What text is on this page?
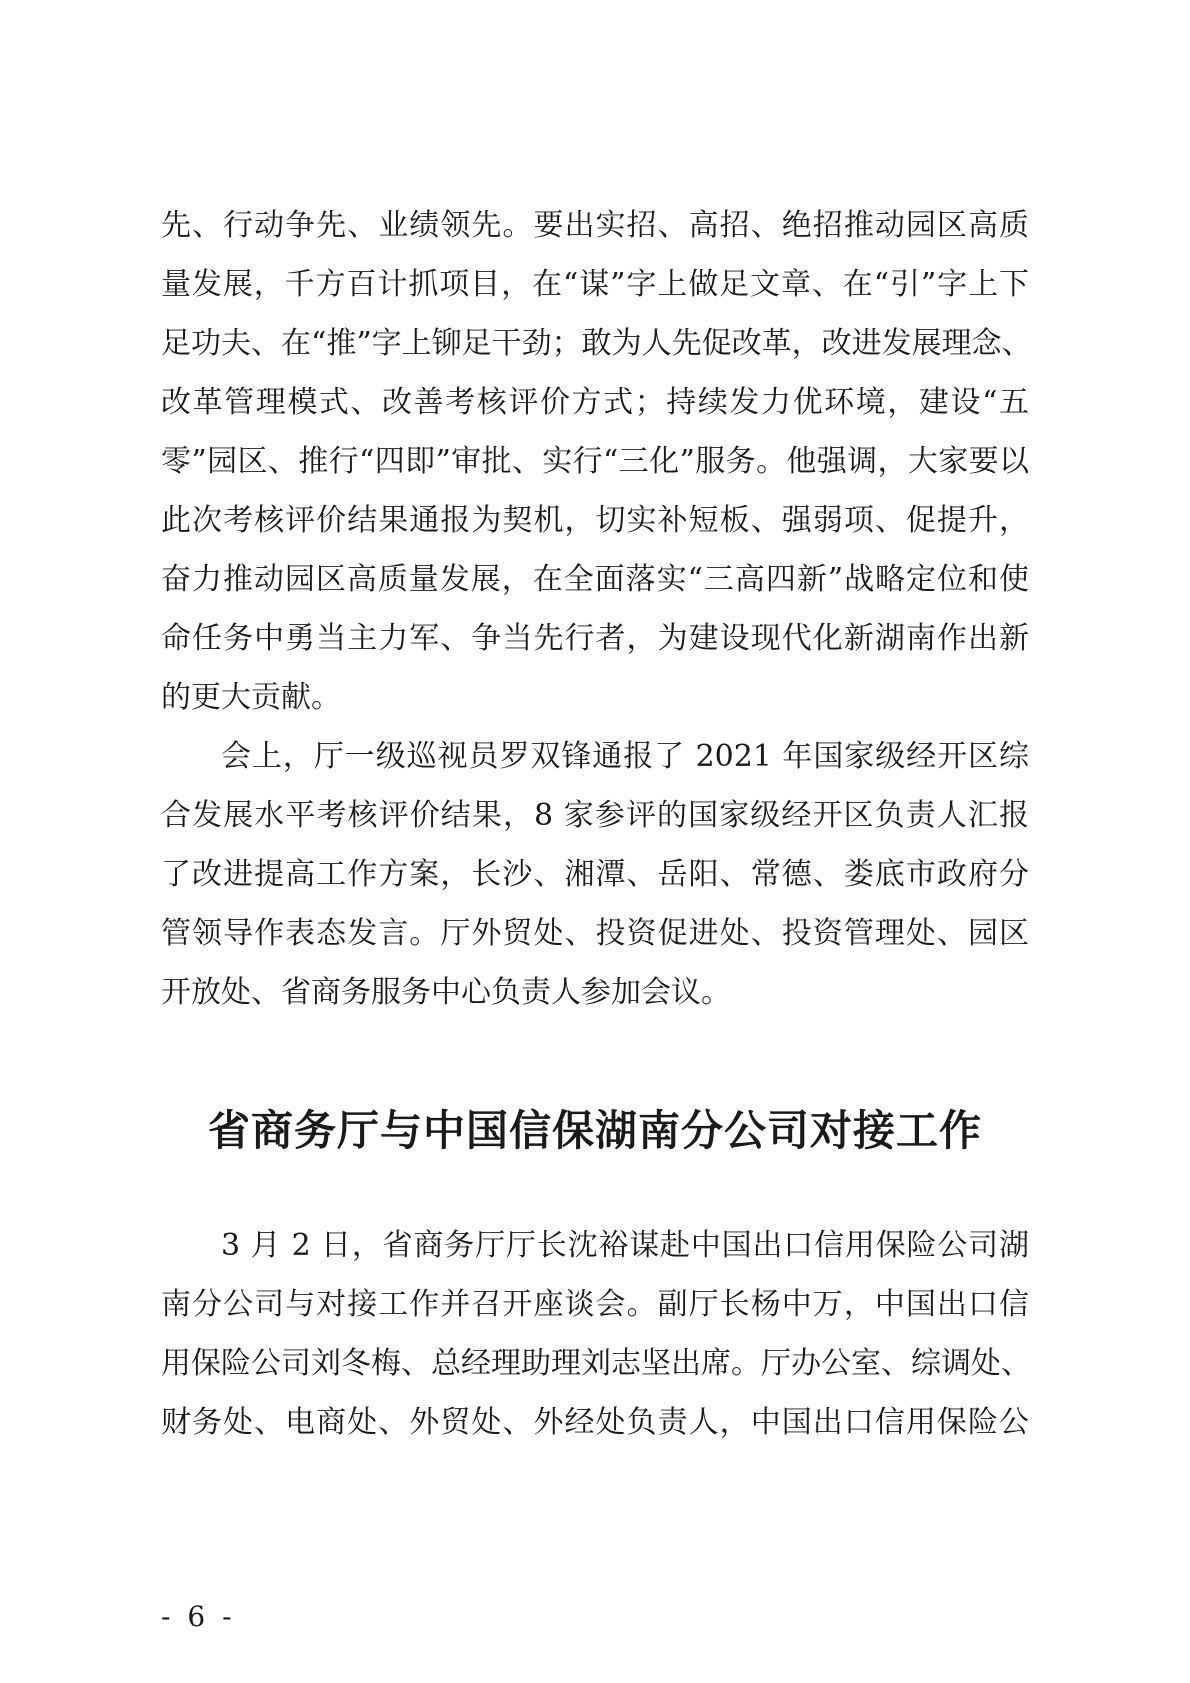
先、行动争先、业绩领先。要出实招、高招、绝招推动园区高质
量发展，千方百计抓项目，在“谋”字上做足文章、在“引”字上下
足功夫、在“推”字上铆足干劲；敢为人先促改革，改进发展理念、
改革管理模式、改善考核评价方式；持续发力优环境，建设“五
零”园区、推行“四即”审批、实行“三化”服务。他强调，大家要以
此次考核评价结果通报为契机，切实补短板、强弱项、促提升，
奋力推动园区高质量发展，在全面落实“三高四新”战略定位和使
命任务中勇当主力军、争当先行者，为建设现代化新湖南作出新
的更大贡献。
会上，厅一级巡视员罗双锋通报了 2021 年国家级经开区综
合发展水平考核评价结果，8 家参评的国家级经开区负责人汇报
了改进提高工作方案，长沙、湘潭、岳阳、常德、娄底市政府分
管领导作表态发言。厅外贸处、投资促进处、投资管理处、园区
开放处、省商务服务中心负责人参加会议。
省商务厅与中国信保湖南分公司对接工作
3 月 2 日，省商务厅厅长沈裕谋赴中国出口信用保险公司湖
南分公司与对接工作并召开座谈会。副厅长杨中万，中国出口信
用保险公司刘冬梅、总经理助理刘志坚出席。厅办公室、综调处、
财务处、电商处、外贸处、外经处负责人，中国出口信用保险公
- 6 -
